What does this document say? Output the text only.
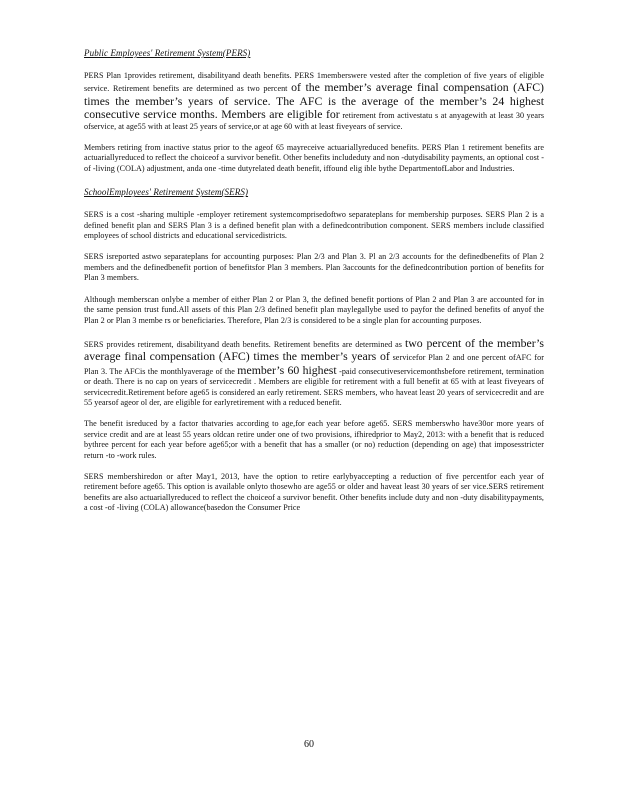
Public Employees' Retirement System(PERS)

PERS Plan 1provides retirement, disabilityand death benefits. PERS 1memberswere vested after the completion of five years of eligible service. Retirement benefits are determined as two percent of the member’s average final compensation (AFC) times the member’s years of service. The AFC is the average of the member’s 24 highest consecutive service months. Members are eligible for retirement from activestatu s at anyagewith at least 30 years ofservice, at age55 with at least 25 years of service,or at age 60 with at least fiveyears of service.

Members retiring from inactive status prior to the ageof 65 mayreceive actuariallyreduced benefits. PERS Plan 1 retirement benefits are actuariallyreduced to reflect the choiceof a survivor benefit. Other benefits includeduty and non -dutydisability payments, an optional cost -of -living (COLA) adjustment, anda one -time dutyrelated death benefit, iffound elig ible bythe DepartmentofLabor and Industries.

SchoolEmployees' Retirement System(SERS)

SERS is a cost -sharing multiple -employer retirement systemcomprisedoftwo separateplans for membership purposes. SERS Plan 2 is a defined benefit plan and SERS Plan 3 is a defined benefit plan with a definedcontribution component. SERS members include classified employees of school districts and educational servicedistricts.

SERS isreported astwo separateplans for accounting purposes: Plan 2/3 and Plan 3. Pl an 2/3 accounts for the definedbenefits of Plan 2 members and the definedbenefit portion of benefitsfor Plan 3 members. Plan 3accounts for the definedcontribution portion of benefits for Plan 3 members.

Although memberscan onlybe a member of either Plan 2 or Plan 3, the defined benefit portions of Plan 2 and Plan 3 are accounted for in the same pension trust fund.All assets of this Plan 2/3 defined benefit plan maylegallybe used to payfor the defined benefits of anyof the Plan 2 or Plan 3 membe rs or beneficiaries. Therefore, Plan 2/3 is considered to be a single plan for accounting purposes.

SERS provides retirement, disabilityand death benefits. Retirement benefits are determined as two percent of the member’s average final compensation (AFC) times the member’s years of servicefor Plan 2 and one percent ofAFC for Plan 3. The AFCis the monthlyaverage of the member’s 60 highest -paid consecutiveservicemonthsbefore retirement, termination or death. There is no cap on years of servicecredit . Members are eligible for retirement with a full benefit at 65 with at least fiveyears of servicecredit.Retirement before age65 is considered an early retirement. SERS members, who haveat least 20 years of servicecredit and are 55 yearsof ageor ol der, are eligible for earlyretirement with a reduced benefit.

The benefit isreduced by a factor thatvaries according to age,for each year before age65. SERS memberswho have30or more years of service credit and are at least 55 years oldcan retire under one of two provisions, ifhiredprior to May2, 2013: with a benefit that is reduced bythree percent for each year before age65;or with a benefit that has a smaller (or no) reduction (depending on age) that imposesstricter return -to -work rules.

SERS membershiredon or after May1, 2013, have the option to retire earlybyaccepting a reduction of five percentfor each year of retirement before age65. This option is available onlyto thosewho are age55 or older and haveat least 30 years of ser vice.SERS retirement benefits are also actuariallyreduced to reflect the choiceof a survivor benefit. Other benefits include duty and non -duty disabilitypayments, a cost -of -living (COLA) allowance(basedon the Consumer Price

60
